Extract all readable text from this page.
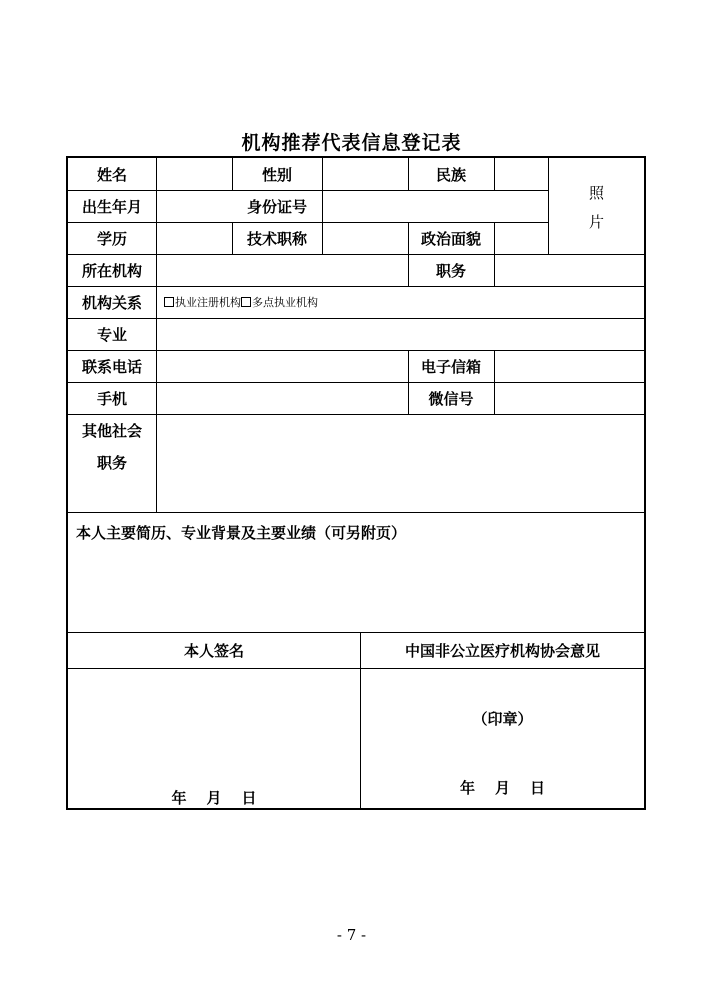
机构推荐代表信息登记表
姓名	性别	民族
照
片
出生年月	身份证号
学历	技术职称	政治面貌
所在机构	职务
机构关系	执业注册机构 多点执业机构
专业
联系电话	电子信箱
手机	微信号
其他社会
职务
本人主要简历、专业背景及主要业绩（可另附页）
本人签名	中国非公立医疗机构协会意见
（印章）
年 月 日
年 月 日
- 7 -
